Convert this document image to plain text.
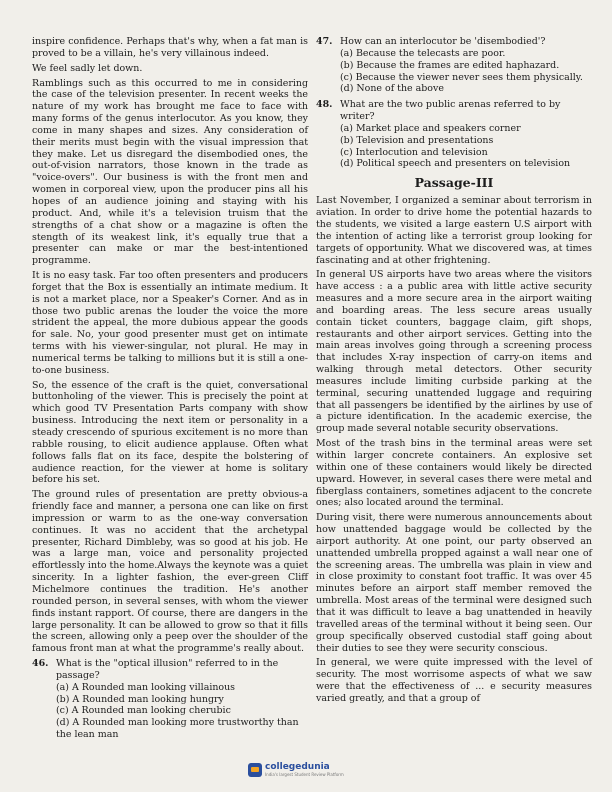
inspire confidence. Perhaps that's why, when a fat man is proved to be a villain, he's very villainous indeed.

We feel sadly let down.

Ramblings such as this occurred to me in considering the case of the television presenter. In recent weeks the nature of my work has brought me face to face with many forms of the genus interlocutor. As you know, they come in many shapes and sizes. Any consideration of their merits must begin with the visual impression that they make. Let us disregard the disembodied ones, the out-of-vision narrators, those known in the trade as "voice-overs". Our business is with the front men and women in corporeal view, upon the producer pins all his hopes of an audience joining and staying with his product. And, while it's a television truism that the strengths of a chat show or a magazine is often the stength of its weakest link, it's equally true that a presenter can make or mar the best-intentioned programme.

It is no easy task. Far too often presenters and producers forget that the Box is essentially an intimate medium. It is not a market place, nor a Speaker's Corner. And as in those two public arenas the louder the voice the more strident the appeal, the more dubious appear the goods for sale. No, your good presenter must get on intimate terms with his viewer-singular, not plural. He may in numerical terms be talking to millions but it is still a one-to-one business.

So, the essence of the craft is the quiet, conversational buttonholing of the viewer. This is precisely the point at which good TV Presentation Parts company with show business. Introducing the next item or personality in a steady crescendo of spurious excitement is no more than rabble rousing, to elicit audience applause. Often what follows falls flat on its face, despite the bolstering of audience reaction, for the viewer at home is solitary before his set.

The ground rules of presentation are pretty obvious-a friendly face and manner, a persona one can like on first impression or warm to as the one-way conversation continues. It was no accident that the archetypal presenter, Richard Dimbleby, was so good at his job. He was a large man, voice and personality projected effortlessly into the home.Always the keynote was a quiet sincerity. In a lighter fashion, the ever-green Cliff Michelmore continues the tradition. He's another rounded person, in several senses, with whom the viewer finds instant rapport. Of course, there are dangers in the large personality. It can be allowed to grow so that it fills the screen, allowing only a peep over the shoulder of the famous front man at what the programme's really about.

46. What is the "optical illusion" referred to in the passage?
(a) A Rounded man looking villainous
(b) A Rounded man looking hungry
(c) A Rounded man looking cherubic
(d) A Rounded man looking more trustworthy than the lean man
47. How can an interlocutor be 'disembodied'?
(a) Because the telecasts are poor.
(b) Because the frames are edited haphazard.
(c) Because the viewer never sees them physically.
(d) None of the above
48. What are the two public arenas referred to by writer?
(a) Market place and speakers corner
(b) Television and presentations
(c) Interlocution and television
(d) Political speech and presenters on television
Passage-III

Last November, I organized a seminar about terrorism in aviation. In order to drive home the potential hazards to the students, we visited a large eastern U.S airport with the intention of acting like a terrorist group looking for targets of opportunity. What we discovered was, at times fascinating and at other frightening.

In general US airports have two areas where the visitors have access : a a public area with little active security measures and a more secure area in the airport waiting and boarding areas. The less secure areas usually contain ticket counters, baggage claim, gift shops, restaurants and other airport services. Getting into the main areas involves going through a screening process that includes X-ray inspection of carry-on items and walking through metal detectors. Other security measures include limiting curbside parking at the terminal, securing unattended luggage and requiring that all passengers be identified by the airlines by use of a picture identification. In the academic exercise, the group made several notable security observations.

Most of the trash bins in the terminal areas were set within larger concrete containers. An explosive set within one of these containers would likely be directed upward. However, in several cases there were metal and fiberglass containers, sometines adjacent to the concrete ones; also located around the terminal.

During visit, there were numerous announcements about how unattended baggage would be collected by the airport authority. At one point, our party observed an unattended umbrella propped against a wall near one of the screening areas. The umbrella was plain in view and in close proximity to constant foot traffic. It was over 45 minutes before an airport staff member removed the umbrella. Most areas of the terminal were designed such that it was difficult to leave a bag unattended in heavily travelled areas of the terminal without it being seen. Our group specifically observed custodial staff going about their duties to see they were security conscious.

In general, we were quite impressed with the level of security. The most worrisome aspects of what we saw were that the effectiveness of ... e security measures varied greatly, and that a group of

collegedunia
India's largest Student Review Platform
